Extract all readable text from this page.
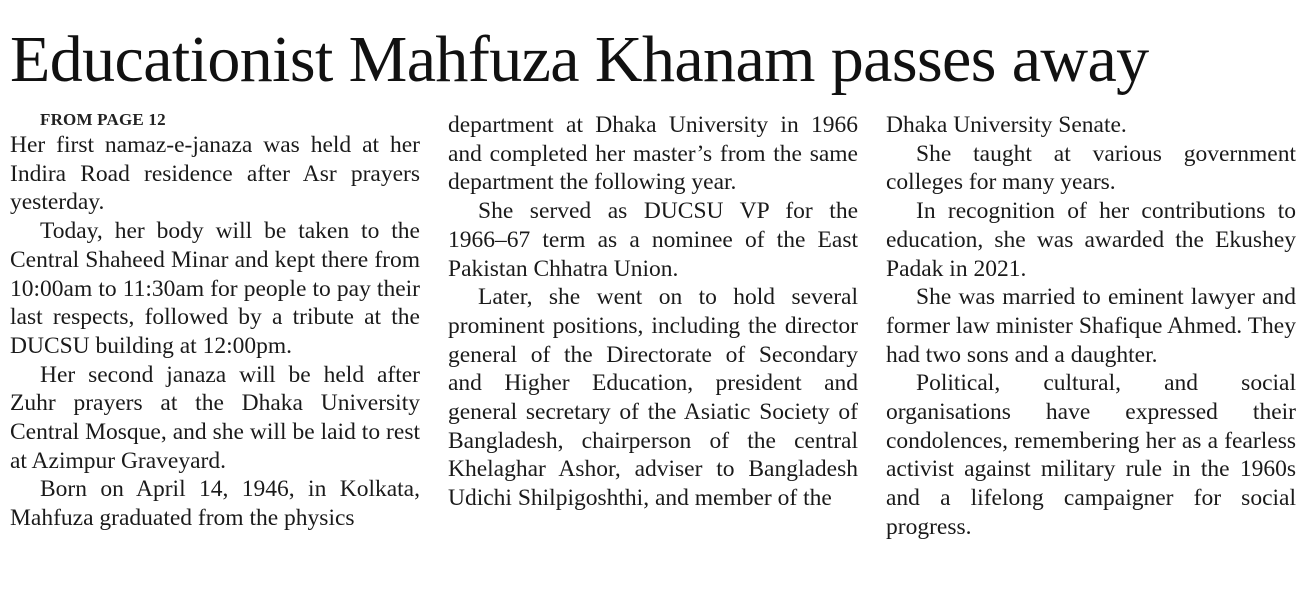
Educationist Mahfuza Khanam passes away

FROM PAGE 12

Her first namaz-e-janaza was held at her Indira Road residence after Asr prayers yesterday.

Today, her body will be taken to the Central Shaheed Minar and kept there from 10:00am to 11:30am for people to pay their last respects, followed by a tribute at the DUCSU building at 12:00pm.

Her second janaza will be held after Zuhr prayers at the Dhaka University Central Mosque, and she will be laid to rest at Azimpur Graveyard.

Born on April 14, 1946, in Kolkata, Mahfuza graduated from the physics

department at Dhaka University in 1966 and completed her master’s from the same department the following year.

She served as DUCSU VP for the 1966–67 term as a nominee of the East Pakistan Chhatra Union.

Later, she went on to hold several prominent positions, including the director general of the Directorate of Secondary and Higher Education, president and general secretary of the Asiatic Society of Bangladesh, chairperson of the central Khelaghar Ashor, adviser to Bangladesh Udichi Shilpigoshthi, and member of the

Dhaka University Senate.

She taught at various government colleges for many years.

In recognition of her contributions to education, she was awarded the Ekushey Padak in 2021.

She was married to eminent lawyer and former law minister Shafique Ahmed. They had two sons and a daughter.

Political, cultural, and social organisations have expressed their condolences, remembering her as a fearless activist against military rule in the 1960s and a lifelong campaigner for social progress.
